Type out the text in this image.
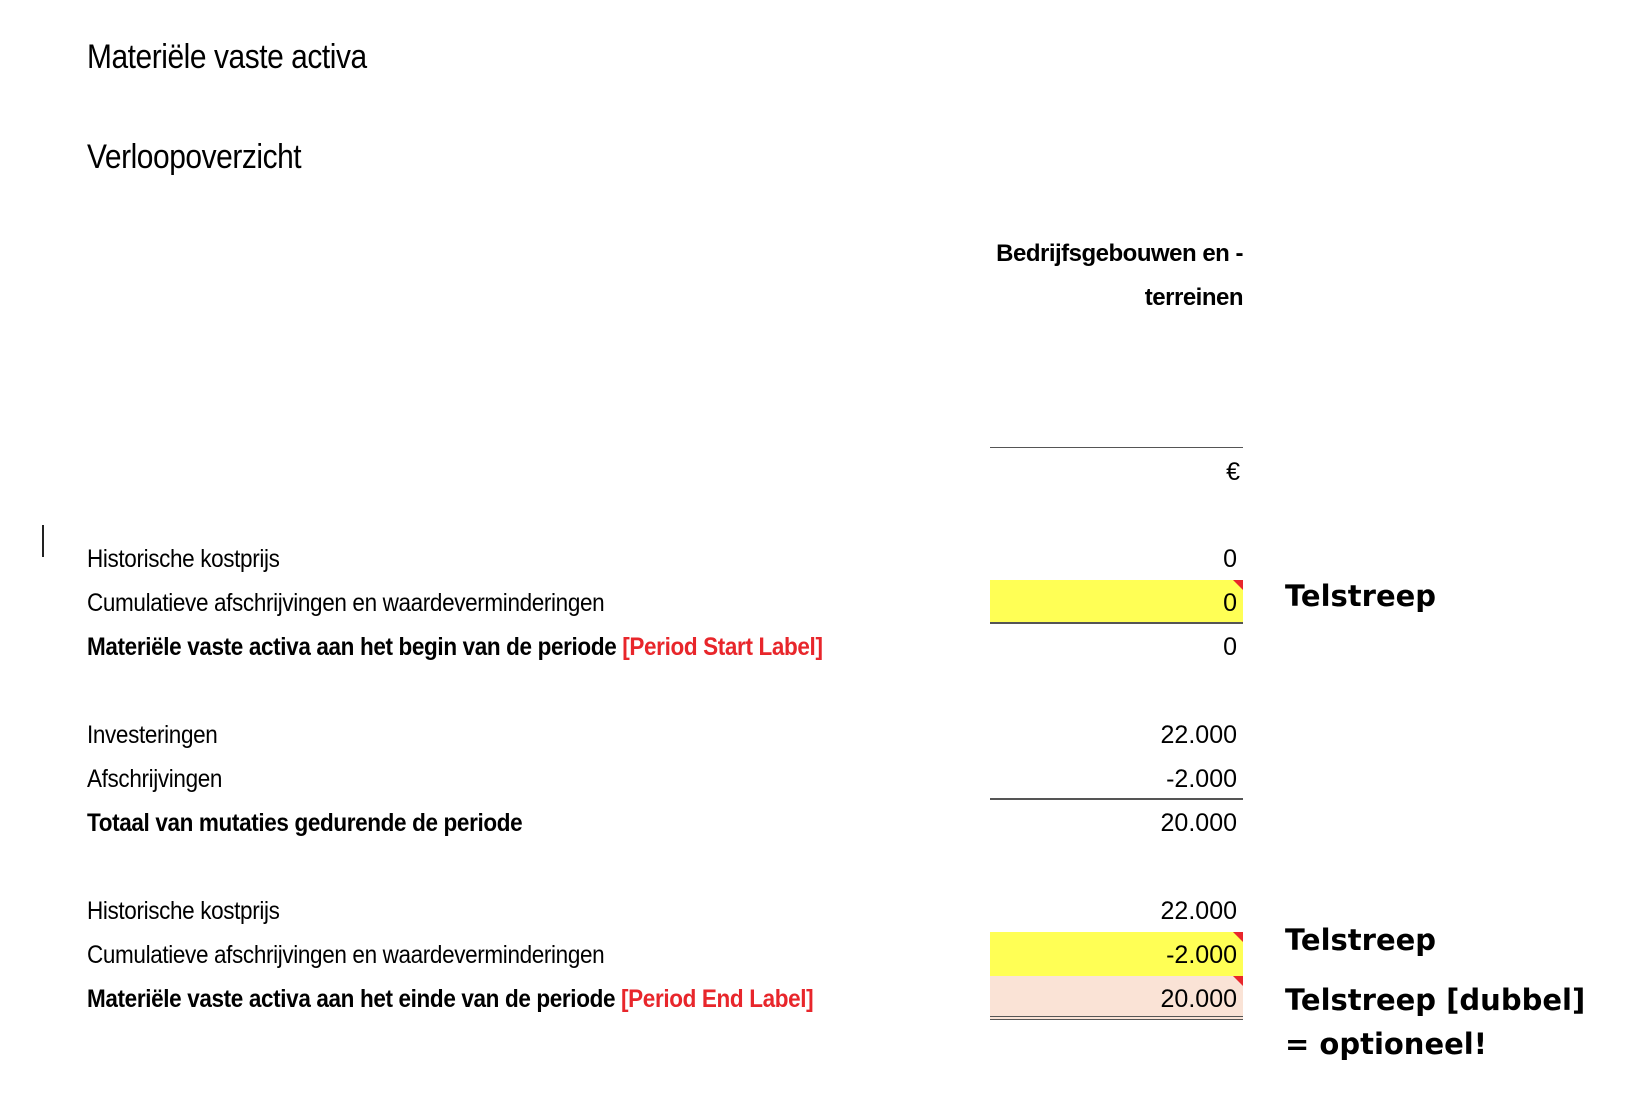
Materiële vaste activa
Verloopoverzicht
Bedrijfsgebouwen en -
terreinen
€
Historische kostprijs	0
Cumulatieve afschrijvingen en waardeverminderingen	0
Materiële vaste activa aan het begin van de periode [Period Start Label]	0
Investeringen	22.000
Afschrijvingen	-2.000
Totaal van mutaties gedurende de periode	20.000
Historische kostprijs	22.000
Cumulatieve afschrijvingen en waardeverminderingen	-2.000
Materiële vaste activa aan het einde van de periode [Period End Label]	20.000
Telstreep
Telstreep
Telstreep [dubbel]
= optioneel!
